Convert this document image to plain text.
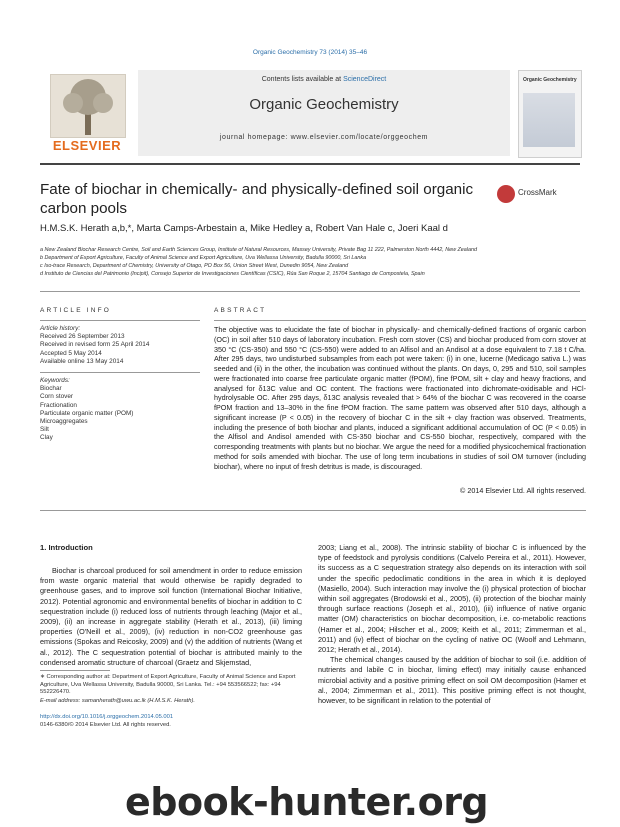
Organic Geochemistry 73 (2014) 35–46
ELSEVIER
Contents lists available at ScienceDirect
Organic Geochemistry
journal homepage: www.elsevier.com/locate/orggeochem
Organic Geochemistry
Fate of biochar in chemically- and physically-defined soil organic carbon pools
CrossMark
H.M.S.K. Herath a,b,*, Marta Camps-Arbestain a, Mike Hedley a, Robert Van Hale c, Joeri Kaal d
a New Zealand Biochar Research Centre, Soil and Earth Sciences Group, Institute of Natural Resources, Massey University, Private Bag 11 222, Palmerston North 4442, New Zealand
b Department of Export Agriculture, Faculty of Animal Science and Export Agriculture, Uva Wellassa University, Badulla 90000, Sri Lanka
c Iso-trace Research, Department of Chemistry, University of Otago, PO Box 56, Union Street West, Dunedin 9054, New Zealand
d Instituto de Ciencias del Patrimonio (Incipit), Consejo Superior de Investigaciones Científicas (CSIC), Rúa San Roque 2, 15704 Santiago de Compostela, Spain
ARTICLE INFO
Article history:
Received 26 September 2013
Received in revised form 25 April 2014
Accepted 5 May 2014
Available online 13 May 2014
Keywords:
Biochar
Corn stover
Fractionation
Particulate organic matter (POM)
Microaggregates
Silt
Clay
ABSTRACT
The objective was to elucidate the fate of biochar in physically- and chemically-defined fractions of organic carbon (OC) in soil after 510 days of laboratory incubation. Fresh corn stover (CS) and biochar produced from corn stover at 350 °C (CS-350) and 550 °C (CS-550) were added to an Alfisol and an Andisol at a dose equivalent to 7.18 t C/ha. After 295 days, two undisturbed subsamples from each pot were taken: (i) in one, lucerne (Medicago sativa L.) was seeded and (ii) in the other, the incubation was continued without the plants. On days, 0, 295 and 510, soil samples were fractionated into coarse free particulate organic matter (fPOM), fine fPOM, silt + clay and heavy fractions, and analysed for δ13C value and OC content. The fractions were fractionated into dichromate-oxidisable and HCl-hydrolysable OC. After 295 days, δ13C analysis revealed that > 64% of the biochar C was recovered in the coarse fPOM fraction and 13–30% in the fine fPOM fraction. The same pattern was observed after 510 days, although a significant increase (P < 0.05) in the recovery of biochar C in the silt + clay fraction was observed. Treatments, including the presence of both biochar and plants, induced a significant additional accumulation of OC (P < 0.05) in the Alfisol and Andisol amended with CS-350 biochar and CS-550 biochar, respectively, compared with the corresponding treatments with plants but no biochar. We argue the need for a modified physicochemical fractionation method for soils amended with biochar. The use of long term incubations in studies of soil OM turnover (including biochar), where no input of fresh detritus is made, is discouraged.
© 2014 Elsevier Ltd. All rights reserved.

1. Introduction

Biochar is charcoal produced for soil amendment in order to reduce emission from waste organic material that would otherwise be rapidly degraded to greenhouse gases, and to improve soil function (International Biochar Initiative, 2012). Potential agronomic and environmental benefits of biochar in addition to C sequestration include (i) reduced loss of nutrients through leaching (Major et al., 2009), (ii) an increase in aggregate stability (Herath et al., 2013), (iii) liming properties (O'Neill et al., 2009), (iv) reduction in non-CO2 greenhouse gas emissions (Spokas and Reicosky, 2009) and (v) the addition of nutrients (Wang et al., 2012). The C sequestration potential of biochar is attributed mainly to the condensed aromatic structure of charcoal (Graetz and Skjemstad,

2003; Liang et al., 2008). The intrinsic stability of biochar C is influenced by the type of feedstock and pyrolysis conditions (Calvelo Pereira et al., 2011). However, its success as a C sequestration strategy also depends on its interaction with soil under the specific pedoclimatic conditions in the area in which it is deployed (Masiello, 2004). Such interaction may involve the (i) physical protection of biochar within soil aggregates (Brodowski et al., 2005), (ii) protection of the biochar mainly through surface reactions (Joseph et al., 2010), (iii) influence of native organic matter (OM) characteristics on biochar decomposition, i.e. co-metabolic reactions (Hamer et al., 2004; Hilscher et al., 2009; Keith et al., 2011; Zimmerman et al., 2011) and (iv) effect of biochar on the cycling of native OC (Woolf and Lehmann, 2012; Herath et al., 2014).

The chemical changes caused by the addition of biochar to soil (i.e. addition of nutrients and labile C in biochar, liming effect) may initially cause enhanced microbial activity and a positive priming effect on soil OM decomposition (Hamer et al., 2004; Zimmerman et al., 2011). This positive priming effect is not thought, however, to be significant in relation to the potential of

∗ Corresponding author at: Department of Export Agriculture, Faculty of Animal Science and Export Agriculture, Uva Wellassa University, Badulla 90000, Sri Lanka. Tel.: +94 553566522; fax: +94 552226470.
E-mail address: samanherath@uwu.ac.lk (H.M.S.K. Herath).
http://dx.doi.org/10.1016/j.orggeochem.2014.05.001
0146-6380/© 2014 Elsevier Ltd. All rights reserved.
ebook-hunter.org
